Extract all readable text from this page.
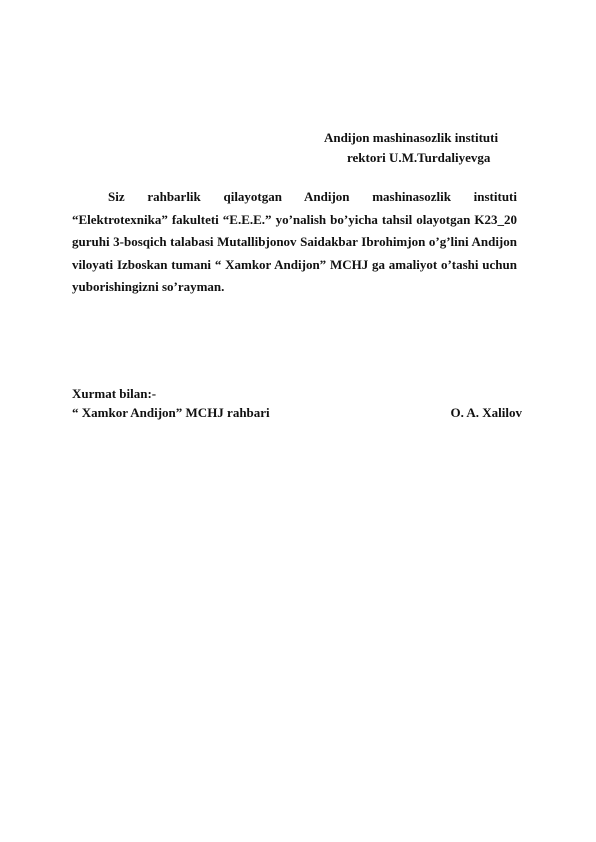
Andijon mashinasozlik instituti
rektori U.M.Turdaliyevga

Siz rahbarlik qilayotgan Andijon mashinasozlik instituti “Elektrotexnika” fakulteti “E.E.E.” yo’nalish bo’yicha tahsil olayotgan K23_20 guruhi 3-bosqich talabasi Mutallibjonov Saidakbar Ibrohimjon o’g’lini Andijon viloyati Izboskan tumani “ Xamkor Andijon” MCHJ ga amaliyot o’tashi uchun yuborishingizni so’rayman.

Xurmat bilan:-
“ Xamkor Andijon” MCHJ rahbari	O. A. Xalilov
